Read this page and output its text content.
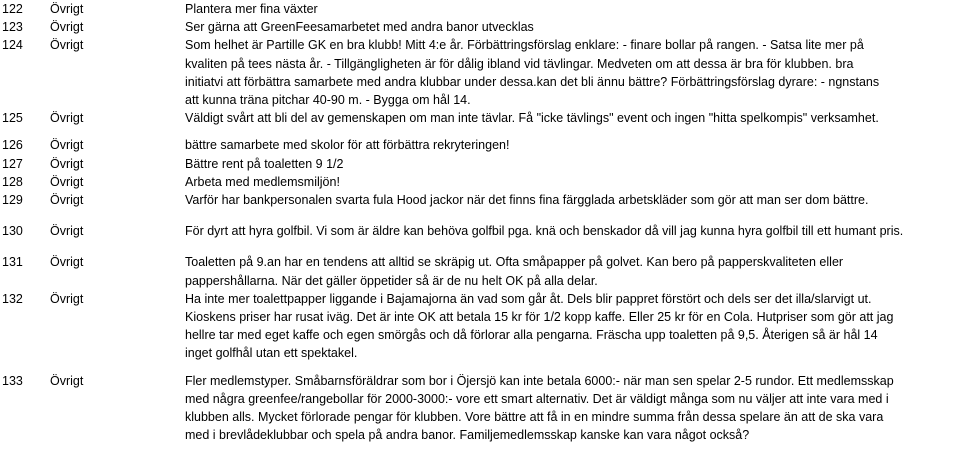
122	Övrigt	Plantera mer fina växter
123	Övrigt	Ser gärna att GreenFeesamarbetet med andra banor utvecklas
124	Övrigt	Som helhet är Partille GK en bra klubb! Mitt 4:e år. Förbättringsförslag enklare: - finare bollar på rangen. - Satsa lite mer på
kvaliten på tees nästa år. - Tillgängligheten är för dålig ibland vid tävlingar. Medveten om att dessa är bra för klubben. bra
initiatvi att förbättra samarbete med andra klubbar under dessa.kan det bli ännu bättre? Förbättringsförslag dyrare: - ngnstans
att kunna träna pitchar 40-90 m. - Bygga om hål 14.
125	Övrigt	Väldigt svårt att bli del av gemenskapen om man inte tävlar. Få "icke tävlings" event och ingen "hitta spelkompis" verksamhet.
126	Övrigt	bättre samarbete med skolor för att förbättra rekryteringen!
127	Övrigt	Bättre rent på toaletten 9 1/2
128	Övrigt	Arbeta med medlemsmiljön!
129	Övrigt	Varför har bankpersonalen svarta fula Hood jackor när det finns fina färgglada arbetskläder som gör att man ser dom bättre.
130	Övrigt	För dyrt att hyra golfbil. Vi som är äldre kan behöva golfbil pga. knä och benskador då vill jag kunna hyra golfbil till ett humant pris.
131	Övrigt	Toaletten på 9.an har en tendens att alltid se skräpig ut. Ofta småpapper på golvet. Kan bero på papperskvaliteten eller
pappershållarna. När det gäller öppetider så är de nu helt OK på alla delar.
132	Övrigt	Ha inte mer toalettpapper liggande i Bajamajorna än vad som går åt. Dels blir pappret förstört och dels ser det illa/slarvigt ut.
Kioskens priser har rusat iväg. Det är inte OK att betala 15 kr för 1/2 kopp kaffe. Eller 25 kr för en Cola. Hutpriser som gör att jag
hellre tar med eget kaffe och egen smörgås och då förlorar alla pengarna. Fräscha upp toaletten på 9,5. Återigen så är hål 14
inget golfhål utan ett spektakel.
133	Övrigt	Fler medlemstyper. Småbarnsföräldrar som bor i Öjersjö kan inte betala 6000:- när man sen spelar 2-5 rundor. Ett medlemsskap
med några greenfee/rangebollar för 2000-3000:- vore ett smart alternativ. Det är väldigt många som nu väljer att inte vara med i
klubben alls. Mycket förlorade pengar för klubben. Vore bättre att få in en mindre summa från dessa spelare än att de ska vara
med i brevlådeklubbar och spela på andra banor. Familjemedlemsskap kanske kan vara något också?
